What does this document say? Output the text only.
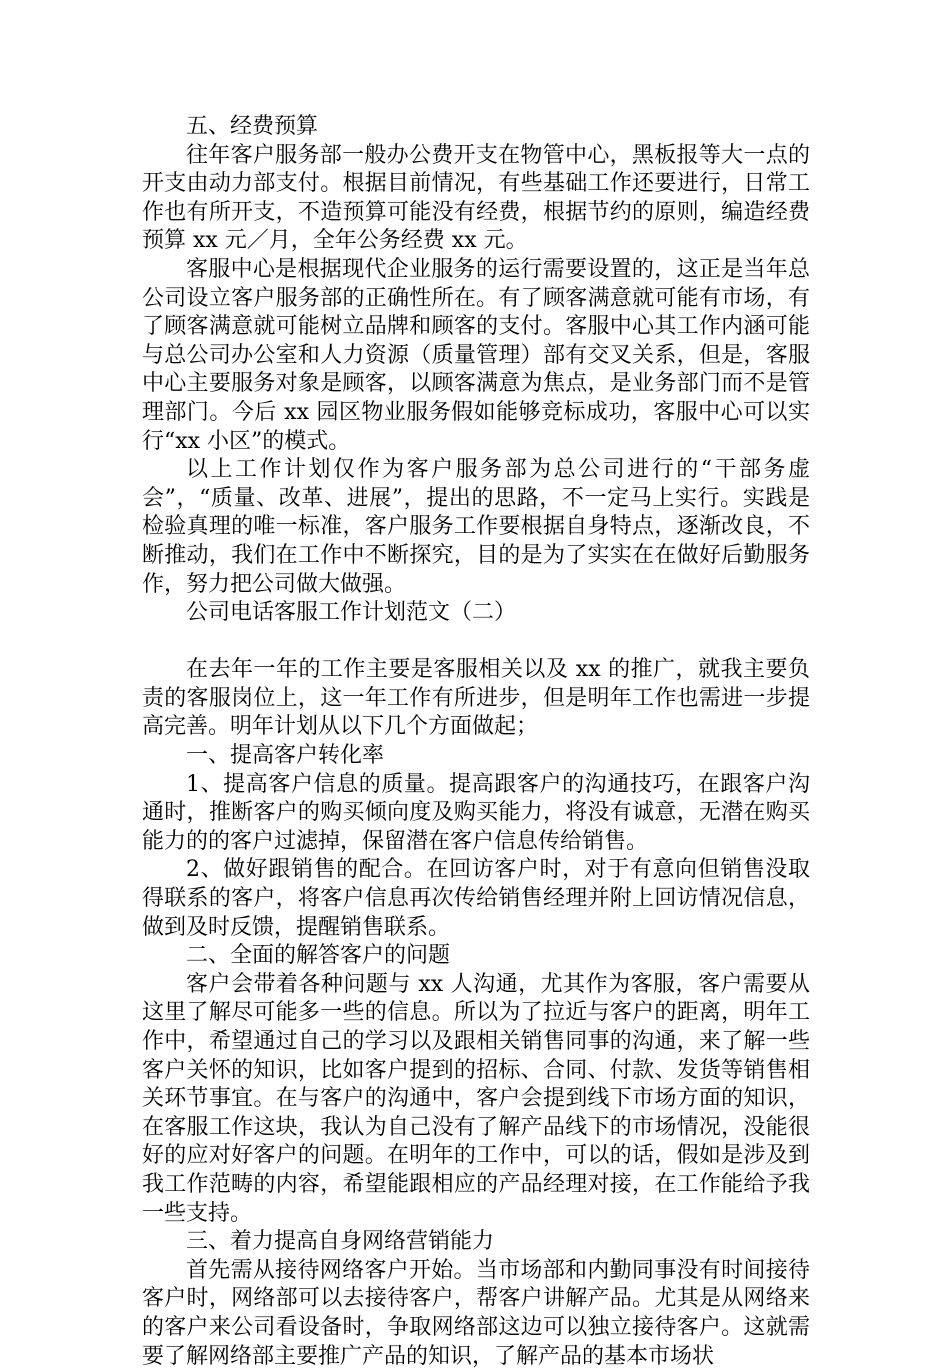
五、经费预算

往年客户服务部一般办公费开支在物管中心，黑板报等大一点的开支由动力部支付。根据目前情况，有些基础工作还要进行，日常工作也有所开支，不造预算可能没有经费，根据节约的原则，编造经费预算 xx 元／月，全年公务经费 xx 元。

客服中心是根据现代企业服务的运行需要设置的，这正是当年总公司设立客户服务部的正确性所在。有了顾客满意就可能有市场，有了顾客满意就可能树立品牌和顾客的支付。客服中心其工作内涵可能与总公司办公室和人力资源（质量管理）部有交叉关系，但是，客服中心主要服务对象是顾客，以顾客满意为焦点，是业务部门而不是管理部门。今后 xx 园区物业服务假如能够竞标成功，客服中心可以实行“xx 小区”的模式。

以上工作计划仅作为客户服务部为总公司进行的“干部务虚会”，“质量、改革、进展”，提出的思路，不一定马上实行。实践是检验真理的唯一标准，客户服务工作要根据自身特点，逐渐改良，不断推动，我们在工作中不断探究，目的是为了实实在在做好后勤服务作，努力把公司做大做强。

公司电话客服工作计划范文（二）

在去年一年的工作主要是客服相关以及 xx 的推广，就我主要负责的客服岗位上，这一年工作有所进步，但是明年工作也需进一步提高完善。明年计划从以下几个方面做起；

一、提高客户转化率

1、提高客户信息的质量。提高跟客户的沟通技巧，在跟客户沟通时，推断客户的购买倾向度及购买能力，将没有诚意，无潜在购买能力的的客户过滤掉，保留潜在客户信息传给销售。

2、做好跟销售的配合。在回访客户时，对于有意向但销售没取得联系的客户，将客户信息再次传给销售经理并附上回访情况信息，做到及时反馈，提醒销售联系。

二、全面的解答客户的问题

客户会带着各种问题与 xx 人沟通，尤其作为客服，客户需要从这里了解尽可能多一些的信息。所以为了拉近与客户的距离，明年工作中，希望通过自己的学习以及跟相关销售同事的沟通，来了解一些客户关怀的知识，比如客户提到的招标、合同、付款、发货等销售相关环节事宜。在与客户的沟通中，客户会提到线下市场方面的知识，在客服工作这块，我认为自己没有了解产品线下的市场情况，没能很好的应对好客户的问题。在明年的工作中，可以的话，假如是涉及到我工作范畴的内容，希望能跟相应的产品经理对接，在工作能给予我一些支持。

三、着力提高自身网络营销能力

首先需从接待网络客户开始。当市场部和内勤同事没有时间接待客户时，网络部可以去接待客户，帮客户讲解产品。尤其是从网络来的客户来公司看设备时，争取网络部这边可以独立接待客户。这就需要了解网络部主要推广产品的知识，了解产品的基本市场状
